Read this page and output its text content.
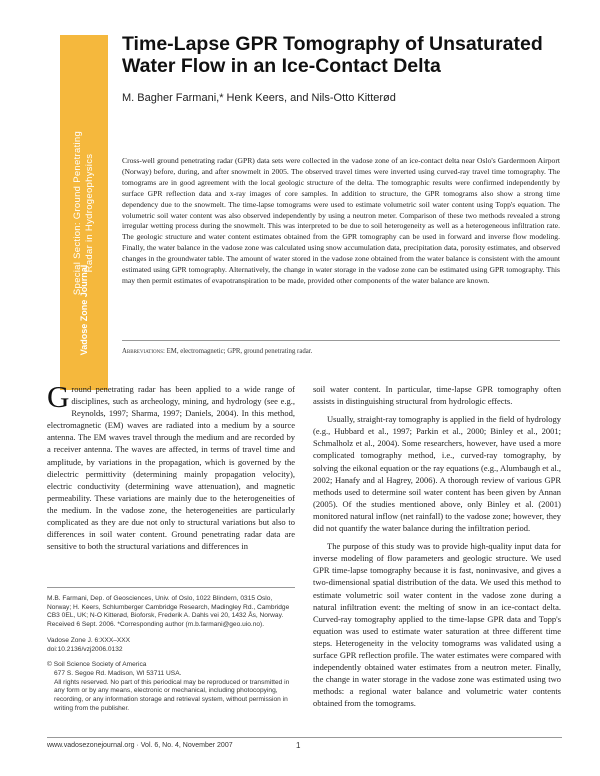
Special Section: Ground Penetrating Radar in Hydrogeophysics
Vadose Zone Journal
Time-Lapse GPR Tomography of Unsaturated Water Flow in an Ice-Contact Delta
M. Bagher Farmani,* Henk Keers, and Nils-Otto Kitterød

Cross-well ground penetrating radar (GPR) data sets were collected in the vadose zone of an ice-contact delta near Oslo's Gardermoen Airport (Norway) before, during, and after snowmelt in 2005. The observed travel times were inverted using curved-ray travel time tomography. The tomograms are in good agreement with the local geologic structure of the delta. The tomographic results were confirmed independently by surface GPR reflection data and x-ray images of core samples. In addition to structure, the GPR tomograms also show a strong time dependency due to the snowmelt. The time-lapse tomograms were used to estimate volumetric soil water content using Topp's equation. The volumetric soil water content was also observed independently by using a neutron meter. Comparison of these two methods revealed a strong irregular wetting process during the snowmelt. This was interpreted to be due to soil heterogeneity as well as a heterogeneous infiltration rate. The geologic structure and water content estimates obtained from the GPR tomography can be used in forward and inverse flow modeling. Finally, the water balance in the vadose zone was calculated using snow accumulation data, precipitation data, porosity estimates, and observed changes in the groundwater table. The amount of water stored in the vadose zone obtained from the water balance is consistent with the amount estimated using GPR tomography. Alternatively, the change in water storage in the vadose zone can be estimated using GPR tomography. This may then permit estimates of evapotranspiration to be made, provided other components of the water balance are known.

Abbreviations: EM, electromagnetic; GPR, ground penetrating radar.

Ground penetrating radar has been applied to a wide range of disciplines, such as archeology, mining, and hydrology (see e.g., Reynolds, 1997; Sharma, 1997; Daniels, 2004). In this method, electromagnetic (EM) waves are radiated into a medium by a source antenna. The EM waves travel through the medium and are recorded by a receiver antenna. The waves are affected, in terms of travel time and amplitude, by variations in the propagation, which is governed by the dielectric permittivity (determining mainly propagation velocity), electric conductivity (determining wave attenuation), and magnetic permeability. These variations are mainly due to the heterogeneities of the medium. In the vadose zone, the heterogeneities are particularly complicated as they are due not only to structural variations but also to differences in soil water content. Ground penetrating radar data are sensitive to both the structural variations and differences in

soil water content. In particular, time-lapse GPR tomography often assists in distinguishing structural from hydrologic effects.

Usually, straight-ray tomography is applied in the field of hydrology (e.g., Hubbard et al., 1997; Parkin et al., 2000; Binley et al., 2001; Schmalholz et al., 2004). Some researchers, however, have used a more complicated tomography method, i.e., curved-ray tomography, by solving the eikonal equation or the ray equations (e.g., Alumbaugh et al., 2002; Hanafy and al Hagrey, 2006). A thorough review of various GPR methods used to determine soil water content has been given by Annan (2005). Of the studies mentioned above, only Binley et al. (2001) monitored natural inflow (net rainfall) to the vadose zone; however, they did not quantify the water balance during the infiltration period.

The purpose of this study was to provide high-quality input data for inverse modeling of flow parameters and geologic structure. We used GPR time-lapse tomography because it is fast, noninvasive, and gives a two-dimensional spatial distribution of the data. We used this method to estimate volumetric soil water content in the vadose zone during a natural infiltration event: the melting of snow in an ice-contact delta. Curved-ray tomography applied to the time-lapse GPR data and Topp's equation was used to estimate water saturation at three different time steps. Heterogeneity in the velocity tomograms was validated using a surface GPR reflection profile. The water estimates were compared with independently obtained water estimates from a neutron meter. Finally, the change in water storage in the vadose zone was estimated using two methods: a regional water balance and volumetric water contents obtained from the tomograms.

M.B. Farmani, Dep. of Geosciences, Univ. of Oslo, 1022 Blindern, 0315 Oslo, Norway; H. Keers, Schlumberger Cambridge Research, Madingley Rd., Cambridge CB3 0EL, UK; N-O Kitterød, Bioforsk, Frederik A. Dahls vei 20, 1432 Ås, Norway. Received 6 Sept. 2006. *Corresponding author (m.b.farmani@geo.uio.no).
Vadose Zone J. 6:XXX–XXX
doi:10.2136/vzj2006.0132
© Soil Science Society of America
677 S. Segoe Rd. Madison, WI 53711 USA.
All rights reserved. No part of this periodical may be reproduced or transmitted in any form or by any means, electronic or mechanical, including photocopying, recording, or any information storage and retrieval system, without permission in writing from the publisher.
www.vadosezonejournal.org · Vol. 6, No. 4, November 2007	1
